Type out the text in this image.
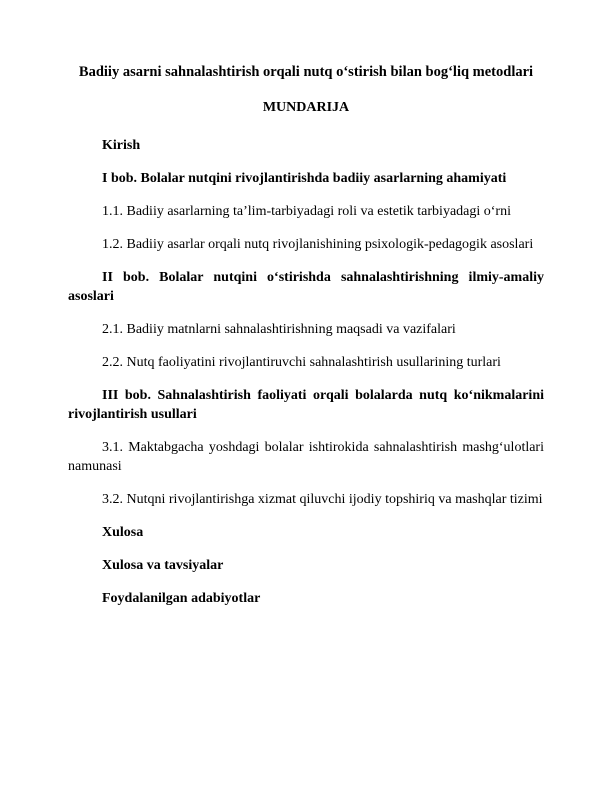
Badiiy asarni sahnalashtirish orqali nutq o‘stirish bilan bog‘liq metodlari
MUNDARIJA
Kirish
I bob. Bolalar nutqini rivojlantirishda badiiy asarlarning ahamiyati
1.1. Badiiy asarlarning ta’lim-tarbiyadagi roli va estetik tarbiyadagi o‘rni
1.2. Badiiy asarlar orqali nutq rivojlanishining psixologik-pedagogik asoslari
II bob. Bolalar nutqini o‘stirishda sahnalashtirishning ilmiy-amaliy asoslari
2.1. Badiiy matnlarni sahnalashtirishning maqsadi va vazifalari
2.2. Nutq faoliyatini rivojlantiruvchi sahnalashtirish usullarining turlari
III bob. Sahnalashtirish faoliyati orqali bolalarda nutq ko‘nikmalarini rivojlantirish usullari
3.1. Maktabgacha yoshdagi bolalar ishtirokida sahnalashtirish mashg‘ulotlari namunasi
3.2. Nutqni rivojlantirishga xizmat qiluvchi ijodiy topshiriq va mashqlar tizimi
Xulosa
Xulosa va tavsiyalar
Foydalanilgan adabiyotlar
